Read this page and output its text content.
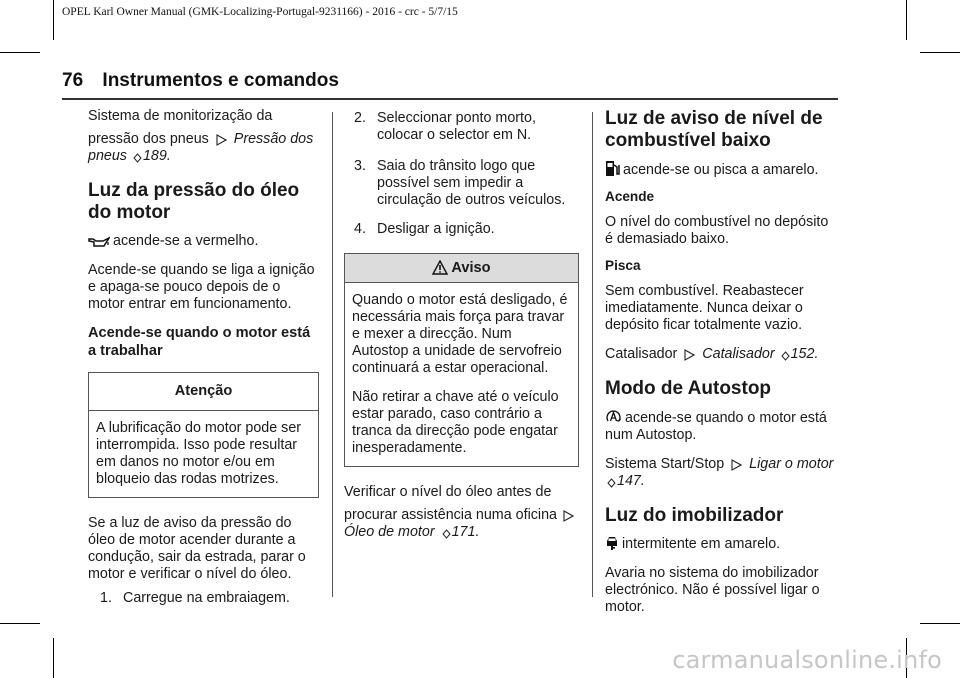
OPEL Karl Owner Manual (GMK-Localizing-Portugal-9231166) - 2016 - crc - 5/7/15
76 Instrumentos e comandos

Sistema de monitorização da

pressão dos pneus Pressão dos pneus 189.

Luz da pressão do óleo do motor

acende-se a vermelho.

Acende-se quando se liga a ignição e apaga-se pouco depois de o motor entrar em funcionamento.

Acende-se quando o motor está a trabalhar
Atenção

A lubrificação do motor pode ser interrompida. Isso pode resultar em danos no motor e/ou em bloqueio das rodas motrizes.

Se a luz de aviso da pressão do óleo de motor acender durante a condução, sair da estrada, parar o motor e verificar o nível do óleo.

1. Carregue na embraiagem.
2. Seleccionar ponto morto, colocar o selector em N.
3. Saia do trânsito logo que possível sem impedir a circulação de outros veículos.
4. Desligar a ignição.
Aviso

Quando o motor está desligado, é necessária mais força para travar e mexer a direcção. Num Autostop a unidade de servofreio continuará a estar operacional.

Não retirar a chave até o veículo estar parado, caso contrário a tranca da direcção pode engatar inesperadamente.

Verificar o nível do óleo antes de

procurar assistência numa oficina

Óleo de motor 171.

Luz de aviso de nível de combustível baixo

acende-se ou pisca a amarelo.

Acende

O nível do combustível no depósito é demasiado baixo.

Pisca

Sem combustível. Reabastecer imediatamente. Nunca deixar o depósito ficar totalmente vazio.

Catalisador Catalisador 152.

Modo de Autostop

acende-se quando o motor está num Autostop.

Sistema Start/Stop Ligar o motor 147.

Luz do imobilizador

intermitente em amarelo.

Avaria no sistema do imobilizador electrónico. Não é possível ligar o motor.

carmanualsonline.info
